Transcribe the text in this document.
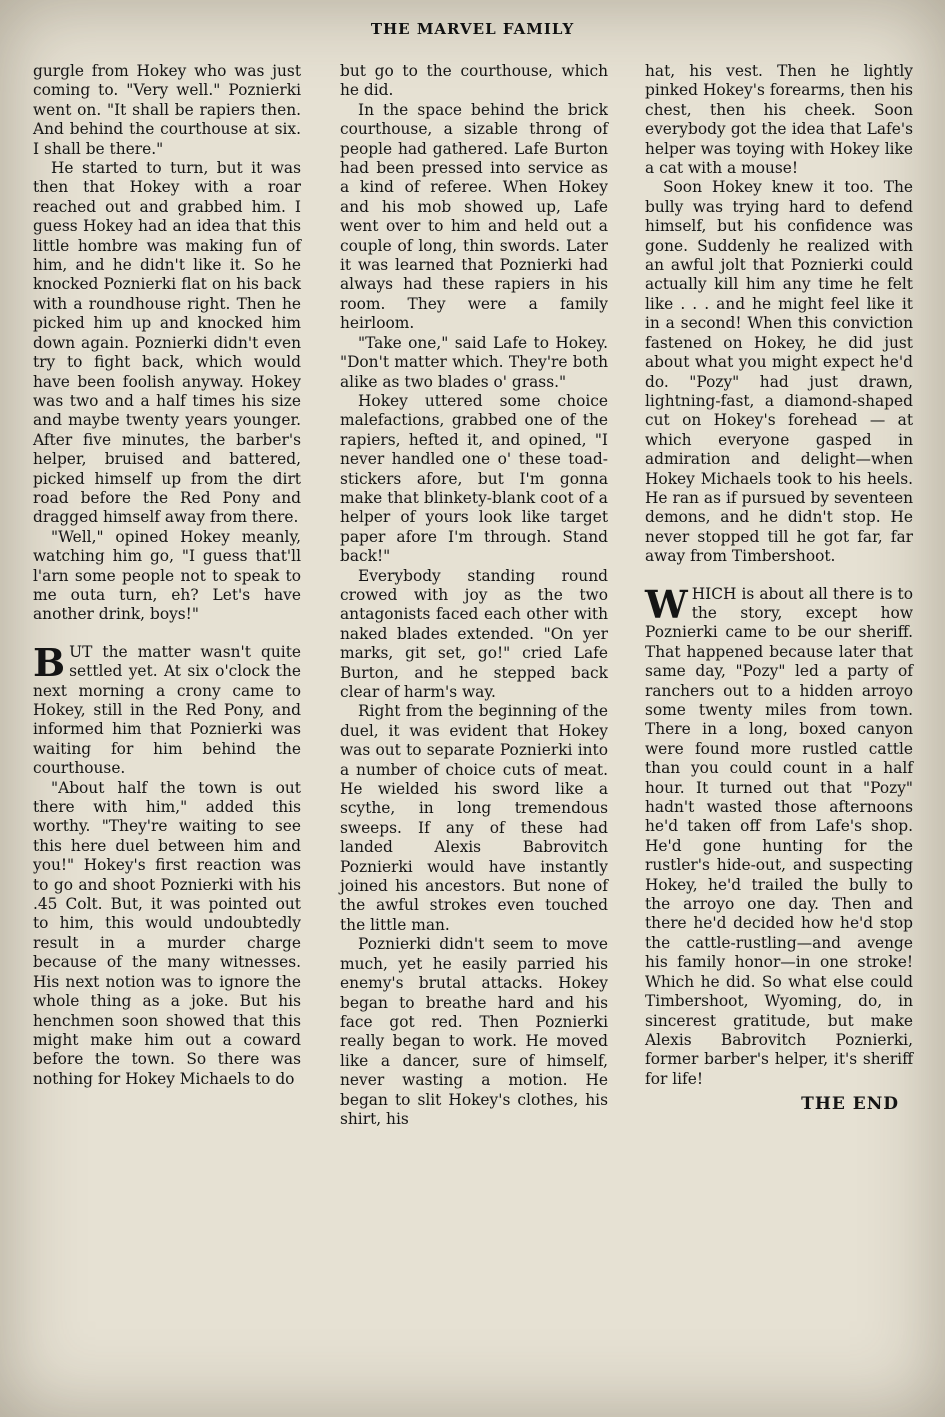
THE MARVEL FAMILY

gurgle from Hokey who was just coming to. "Very well." Poznierki went on. "It shall be rapiers then. And behind the courthouse at six. I shall be there."

He started to turn, but it was then that Hokey with a roar reached out and grabbed him. I guess Hokey had an idea that this little hombre was making fun of him, and he didn't like it. So he knocked Poznierki flat on his back with a roundhouse right. Then he picked him up and knocked him down again. Poznierki didn't even try to fight back, which would have been foolish anyway. Hokey was two and a half times his size and maybe twenty years younger. After five minutes, the barber's helper, bruised and battered, picked himself up from the dirt road before the Red Pony and dragged himself away from there.

"Well," opined Hokey meanly, watching him go, "I guess that'll l'arn some people not to speak to me outa turn, eh? Let's have another drink, boys!"

BUT the matter wasn't quite settled yet. At six o'clock the next morning a crony came to Hokey, still in the Red Pony, and informed him that Poznierki was waiting for him behind the courthouse.

"About half the town is out there with him," added this worthy. "They're waiting to see this here duel between him and you!" Hokey's first reaction was to go and shoot Poznierki with his .45 Colt. But, it was pointed out to him, this would undoubtedly result in a murder charge because of the many witnesses. His next notion was to ignore the whole thing as a joke. But his henchmen soon showed that this might make him out a coward before the town. So there was nothing for Hokey Michaels to do

but go to the courthouse, which he did.

In the space behind the brick courthouse, a sizable throng of people had gathered. Lafe Burton had been pressed into service as a kind of referee. When Hokey and his mob showed up, Lafe went over to him and held out a couple of long, thin swords. Later it was learned that Poznierki had always had these rapiers in his room. They were a family heirloom.

"Take one," said Lafe to Hokey. "Don't matter which. They're both alike as two blades o' grass."

Hokey uttered some choice malefactions, grabbed one of the rapiers, hefted it, and opined, "I never handled one o' these toad-stickers afore, but I'm gonna make that blinkety-blank coot of a helper of yours look like target paper afore I'm through. Stand back!"

Everybody standing round crowed with joy as the two antagonists faced each other with naked blades extended. "On yer marks, git set, go!" cried Lafe Burton, and he stepped back clear of harm's way.

Right from the beginning of the duel, it was evident that Hokey was out to separate Poznierki into a number of choice cuts of meat. He wielded his sword like a scythe, in long tremendous sweeps. If any of these had landed Alexis Babrovitch Poznierki would have instantly joined his ancestors. But none of the awful strokes even touched the little man.

Poznierki didn't seem to move much, yet he easily parried his enemy's brutal attacks. Hokey began to breathe hard and his face got red. Then Poznierki really began to work. He moved like a dancer, sure of himself, never wasting a motion. He began to slit Hokey's clothes, his shirt, his

hat, his vest. Then he lightly pinked Hokey's forearms, then his chest, then his cheek. Soon everybody got the idea that Lafe's helper was toying with Hokey like a cat with a mouse!

Soon Hokey knew it too. The bully was trying hard to defend himself, but his confidence was gone. Suddenly he realized with an awful jolt that Poznierki could actually kill him any time he felt like . . . and he might feel like it in a second! When this conviction fastened on Hokey, he did just about what you might expect he'd do. "Pozy" had just drawn, lightning-fast, a diamond-shaped cut on Hokey's forehead — at which everyone gasped in admiration and delight—when Hokey Michaels took to his heels. He ran as if pursued by seventeen demons, and he didn't stop. He never stopped till he got far, far away from Timbershoot.

WHICH is about all there is to the story, except how Poznierki came to be our sheriff. That happened because later that same day, "Pozy" led a party of ranchers out to a hidden arroyo some twenty miles from town. There in a long, boxed canyon were found more rustled cattle than you could count in a half hour. It turned out that "Pozy" hadn't wasted those afternoons he'd taken off from Lafe's shop. He'd gone hunting for the rustler's hide-out, and suspecting Hokey, he'd trailed the bully to the arroyo one day. Then and there he'd decided how he'd stop the cattle-rustling—and avenge his family honor—in one stroke! Which he did. So what else could Timbershoot, Wyoming, do, in sincerest gratitude, but make Alexis Babrovitch Poznierki, former barber's helper, it's sheriff for life!

THE END
